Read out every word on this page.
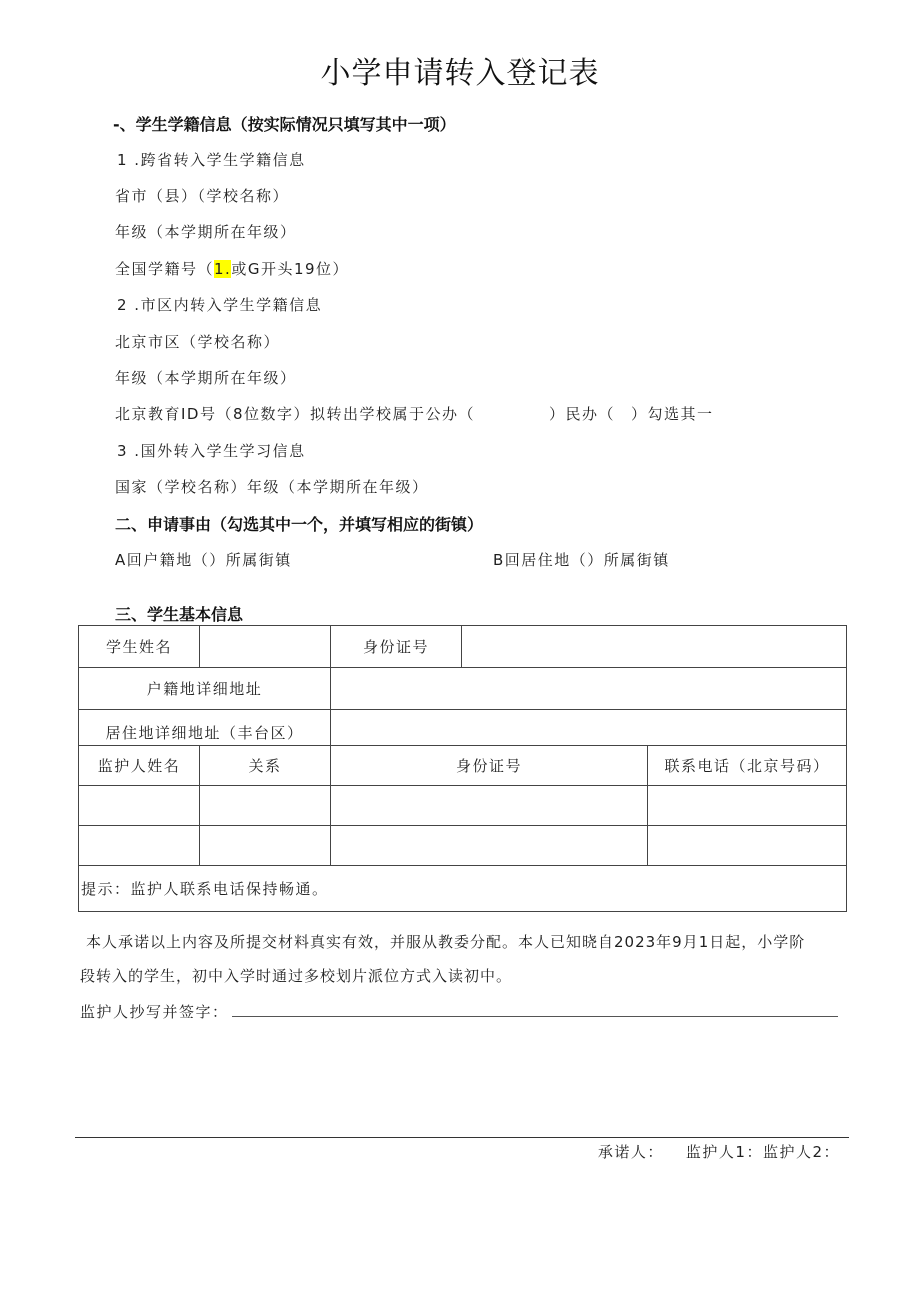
小学申请转入登记表
-、学生学籍信息（按实际情况只填写其中一项）
1 .跨省转入学生学籍信息
省市（县）（学校名称）
年级（本学期所在年级）
全国学籍号（1.或G开头19位）
2 .市区内转入学生学籍信息
北京市区（学校名称）
年级（本学期所在年级）
北京教育ID号（8位数字）拟转出学校属于公办（	）民办（ ）勾选其一
3 .国外转入学生学习信息
国家（学校名称）年级（本学期所在年级）
二、申请事由（勾选其中一个，并填写相应的街镇）
A回户籍地（）所属街镇	B回居住地（）所属街镇
三、学生基本信息
学生姓名		身份证号		
户籍地详细地址				
居住地详细地址（丰台区）				
监护人姓名	关系	身份证号		联系电话（北京号码）

提示：监护人联系电话保持畅通。				
本人承诺以上内容及所提交材料真实有效，并服从教委分配。本人已知晓自2023年9月1日起，小学阶
段转入的学生，初中入学时通过多校划片派位方式入读初中。
监护人抄写并签字：
承诺人： 监护人1：监护人2：
